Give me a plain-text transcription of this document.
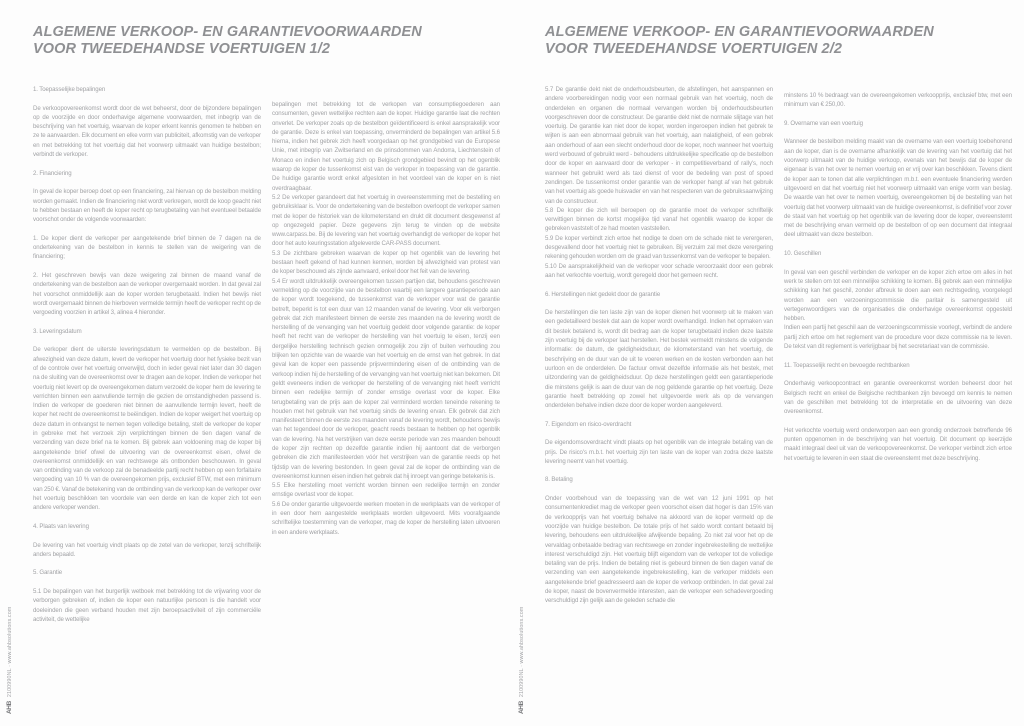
ALGEMENE VERKOOP- EN GARANTIEVOORWAARDEN
VOOR TWEEDEHANDSE VOERTUIGEN 1/2
1. Toepasselijke bepalingen
De verkoopovereenkomst wordt door de wet beheerst, door de bijzondere bepalingen op de voorzijde en door onderhavige algemene voorwaarden, met inbegrip van de beschrijving van het voertuig, waarvan de koper erkent kennis genomen te hebben en ze te aanvaarden. Elk document en elke vorm van publiciteit, afkomstig van de verkoper en met betrekking tot het voertuig dat het voorwerp uitmaakt van huidige bestelbon; verbindt de verkoper.
2. Financiering
In geval de koper beroep doet op een financiering, zal hiervan op de bestelbon melding worden gemaakt. Indien de financiering niet wordt verkregen, wordt de koop geacht niet te hebben bestaan en heeft de koper recht op terugbetaling van het eventueel betaalde voorschot onder de volgende voorwaarden:
1. De koper dient de verkoper per aangetekende brief binnen de 7 dagen na de ondertekening van de bestelbon in kennis te stellen van de weigering van de financiering;
2. Het geschreven bewijs van deze weigering zal binnen de maand vanaf de ondertekening van de bestelbon aan de verkoper overgemaakt worden. In dat geval zal het voorschot onmiddellijk aan de koper worden terugbetaald. Indien het bewijs niet wordt overgemaakt binnen de hierboven vermelde termijn heeft de verkoper recht op de vergoeding voorzien in artikel 3, alinea 4 hieronder.
3. Leveringsdatum
De verkoper dient de uiterste leveringsdatum te vermelden op de bestelbon. Bij afwezigheid van deze datum, levert de verkoper het voertuig door het fysieke bezit van of de controle over het voertuig onverwijld, doch in ieder geval niet later dan 30 dagen na de sluiting van de overeenkomst over te dragen aan de koper. Indien de verkoper het voertuig niet levert op de overeengekomen datum verzoekt de koper hem de levering te verrichten binnen een aanvullende termijn die gezien de omstandigheden passend is. Indien de verkoper de goederen niet binnen de aanvullende termijn levert, heeft de koper het recht de overeenkomst te beëindigen. Indien de koper weigert het voertuig op deze datum in ontvangst te nemen tegen volledige betaling, stelt de verkoper de koper in gebreke met het verzoek zijn verplichtingen binnen de tien dagen vanaf de verzending van deze brief na te komen. Bij gebrek aan voldoening mag de koper bij aangetekende brief ofwel de uitvoering van de overeenkomst eisen, ofwel de overeenkomst onmiddellijk en van rechtswege als ontbonden beschouwen. In geval van ontbinding van de verkoop zal de benadeelde partij recht hebben op een forfaitaire vergoeding van 10 % van de overeengekomen prijs, exclusief BTW, met een minimum van 250 €. Vanaf de betekening van de ontbinding van de verkoop kan de verkoper over het voertuig beschikken ten voordele van een derde en kan de koper zich tot een andere verkoper wenden.
4. Plaats van levering
De levering van het voertuig vindt plaats op de zetel van de verkoper, tenzij schriftelijk anders bepaald.
5. Garantie
5.1 De bepalingen van het burgerlijk wetboek met betrekking tot de vrijwaring voor de verborgen gebreken of, indien de koper een natuurlijke persoon is die handelt voor doeleinden die geen verband houden met zijn beroepsactiviteit of zijn commerciële activiteit, de wettelijke
bepalingen met betrekking tot de verkopen van consumptiegoederen aan consumenten, geven wettelijke rechten aan de koper. Huidige garantie laat die rechten onverlet. De verkoper zoals op de bestelbon geïdentificeerd is enkel aansprakelijk voor de garantie. Deze is enkel van toepassing, onverminderd de bepalingen van artikel 5.6 hierna, indien het gebrek zich heeft voorgedaan op het grondgebied van de Europese Unie, met inbegrip van Zwitserland en de prinsdommen van Andorra, Liechtenstein of Monaco en indien het voertuig zich op Belgisch grondgebied bevindt op het ogenblik waarop de koper de tussenkomst eist van de verkoper in toepassing van de garantie. De huidige garantie wordt enkel afgesloten in het voordeel van de koper en is niet overdraagbaar.
5.2 De verkoper garandeert dat het voertuig in overeenstemming met de bestelling en gebruiksklaar is. Voor de ondertekening van de bestelbon overloopt de verkoper samen met de koper de historiek van de kilometerstand en drukt dit document desgewenst af op ongezegeld papier. Deze gegevens zijn terug te vinden op de website www.carpass.be. Bij de levering van het voertuig overhandigt de verkoper de koper het door het auto keuringsstation afgeleverde CAR-PASS document.
5.3 De zichtbare gebreken waarvan de koper op het ogenblik van de levering het bestaan heeft gekend of had kunnen kennen, worden bij afwezigheid van protest van de koper beschouwd als zijnde aanvaard, enkel door het feit van de levering.
5.4 Er wordt uitdrukkelijk overeengekomen tussen partijen dat, behoudens geschreven vermelding op de voorzijde van de bestelbon waarbij een langere garantieperiode aan de koper wordt toegekend, de tussenkomst van de verkoper voor wat de garantie betreft, beperkt is tot een duur van 12 maanden vanaf de levering. Voor elk verborgen gebrek dat zich manifesteert binnen de eerste zes maanden na de levering wordt de herstelling of de vervanging van het voertuig gedekt door volgende garantie: de koper heeft het recht van de verkoper de herstelling van het voertuig te eisen, tenzij een dergelijke herstelling technisch gezien onmogelijk zou zijn of buiten verhouding zou blijken ten opzichte van de waarde van het voertuig en de ernst van het gebrek. In dat geval kan de koper een passende prijsvermindering eisen of de ontbinding van de verkoop indien hij de herstelling of de vervanging van het voertuig niet kan bekomen. Dit geldt eveneens indien de verkoper de herstelling of de vervanging niet heeft verricht binnen een redelijke termijn of zonder ernstige overlast voor de koper. Elke terugbetaling van de prijs aan de koper zal verminderd worden teneinde rekening te houden met het gebruik van het voertuig sinds de levering ervan. Elk gebrek dat zich manifesteert binnen de eerste zes maanden vanaf de levering wordt, behoudens bewijs van het tegendeel door de verkoper, geacht reeds bestaan te hebben op het ogenblik van de levering. Na het verstrijken van deze eerste periode van zes maanden behoudt de koper zijn rechten op dezelfde garantie indien hij aantoont dat de verborgen gebreken die zich manifesteerden vóór het verstrijken van de garantie reeds op het tijdstip van de levering bestonden. In geen geval zal de koper de ontbinding van de overeenkomst kunnen eisen indien het gebrek dat hij inroept van geringe betekenis is.
5.5 Elke herstelling moet verricht worden binnen een redelijke termijn en zonder ernstige overlast voor de koper.
5.6 De onder garantie uitgevoerde werken moeten in de werkplaats van de verkoper of in een door hem aangestelde werkplaats worden uitgevoerd. Mits voorafgaande schriftelijke toestemming van de verkoper, mag de koper de herstelling laten uitvoeren in een andere werkplaats.
AHB
2100990NL · www.ahbsolutions.com
ALGEMENE VERKOOP- EN GARANTIEVOORWAARDEN
VOOR TWEEDEHANDSE VOERTUIGEN 2/2
5.7 De garantie dekt niet de onderhoudsbeurten, de afstellingen, het aanspannen en andere voorbereidingen nodig voor een normaal gebruik van het voertuig, noch de onderdelen en organen die normaal vervangen worden bij onderhoudsbeurten voorgeschreven door de constructeur. De garantie dekt niet de normale slijtage van het voertuig. De garantie kan niet door de koper, worden ingeroepen indien het gebrek te wijten is aan een abnormaal gebruik van het voertuig, aan nalatigheid, of een gebrek aan onderhoud of aan een slecht onderhoud door de koper, noch wanneer het voertuig werd verbouwd of gebruikt werd - behoudens uitdrukkelijke specificatie op de bestelbon door de koper en aanvaard door de verkoper - in competitieverband of rally's, noch wanneer het gebruikt werd als taxi dienst of voor de bedeling van post of spoed zendingen. De tussenkomst onder garantie van de verkoper hangt af van het gebruik van het voertuig als goede huisvader en van het respecteren van de gebruiksaanwijzing van de constructeur.
5.8 De koper die zich wil beroepen op de garantie moet de verkoper schriftelijk verwittigen binnen de kortst mogelijke tijd vanaf het ogenblik waarop de koper de gebreken vaststelt of ze had moeten vaststellen.
5.9 De koper verbindt zich ertoe het nodige te doen om de schade niet te verergeren, desgevallend door het voertuig niet te gebruiken. Bij verzuim zal met deze verergering rekening gehouden worden om de graad van tussenkomst van de verkoper te bepalen.
5.10 De aansprakelijkheid van de verkoper voor schade veroorzaakt door een gebrek aan het verkochte voertuig, wordt geregeld door het gemeen recht.
6. Herstellingen niet gedekt door de garantie
De herstellingen die ten laste zijn van de koper dienen het voorwerp uit te maken van een gedetailleerd bestek dat aan de koper wordt overhandigd. Indien het opmaken van dit bestek betalend is, wordt dit bedrag aan de koper terugbetaald indien deze laatste zijn voertuig bij de verkoper laat herstellen. Het bestek vermeldt minstens de volgende informatie: de datum, de geldigheidsduur, de kilometerstand van het voertuig, de beschrijving en de duur van de uit te voeren werken en de kosten verbonden aan het uurloon en de onderdelen. De factuur omvat dezelfde informatie als het bestek, met uitzondering van de geldigheidsduur. Op deze herstellingen geldt een garantieperiode die minstens gelijk is aan de duur van de nog geldende garantie op het voertuig. Deze garantie heeft betrekking op zowel het uitgevoerde werk als op de vervangen onderdelen behalve indien deze door de koper worden aangeleverd.
7. Eigendom en risico-overdracht
De eigendomsoverdracht vindt plaats op het ogenblik van de integrale betaling van de prijs. De risico's m.b.t. het voertuig zijn ten laste van de koper van zodra deze laatste levering neemt van het voertuig.
8. Betaling
Onder voorbehoud van de toepassing van de wet van 12 juni 1991 op het consumentenkrediet mag de verkoper geen voorschot eisen dat hoger is dan 15% van de verkoopprijs van het voertuig behalve na akkoord van de koper vermeld op de voorzijde van huidige bestelbon. De totale prijs of het saldo wordt contant betaald bij levering, behoudens een uitdrukkelijke afwijkende bepaling. Zo niet zal voor het op de vervaldag onbetaalde bedrag van rechtswege en zonder ingebrekestelling de wettelijke interest verschuldigd zijn. Het voertuig blijft eigendom van de verkoper tot de volledige betaling van de prijs. Indien de betaling niet is gebeurd binnen de tien dagen vanaf de verzending van een aangetekende ingebrekestelling, kan de verkoper middels een aangetekende brief geadresseerd aan de koper de verkoop ontbinden. In dat geval zal de koper, naast de bovenvermelde interesten, aan de verkoper een schadevergoeding verschuldigd zijn gelijk aan de geleden schade die
minstens 10 % bedraagt van de overeengekomen verkoopprijs, exclusief btw, met een minimum van € 250,00.
9. Overname van een voertuig
Wanneer de bestelbon melding maakt van de overname van een voertuig toebehorend aan de koper, dan is de overname afhankelijk van de levering van het voertuig dat het voorwerp uitmaakt van de huidige verkoop, evenals van het bewijs dat de koper de eigenaar is van het over te nemen voertuig en er vrij over kan beschikken. Tevens dient de koper aan te tonen dat alle verplichtingen m.b.t. een eventuele financiering werden uitgevoerd en dat het voertuig niet het voorwerp uitmaakt van enige vorm van beslag. De waarde van het over te nemen voertuig, overeengekomen bij de bestelling van het voertuig dat het voorwerp uitmaakt van de huidige overeenkomst, is definitief voor zover de staat van het voertuig op het ogenblik van de levering door de koper, overeenstemt met de beschrijving ervan vermeld op de bestelbon of op een document dat integraal deel uitmaakt van deze bestelbon.
10. Geschillen
In geval van een geschil verbinden de verkoper en de koper zich ertoe om alles in het werk te stellen om tot een minnelijke schikking te komen. Bij gebrek aan een minnelijke schikking kan het geschil, zonder afbreuk te doen aan een rechtsgeding, voorgelegd worden aan een verzoeningscommissie die paritair is samengesteld uit vertegenwoordigers van de organisaties die onderhavige overeenkomst opgesteld hebben.
Indien een partij het geschil aan de verzoeningscommissie voorlegt, verbindt de andere partij zich ertoe om het reglement van de procedure voor deze commissie na te leven. De tekst van dit reglement is verkrijgbaar bij het secretariaat van de commissie.
11. Toepasselijk recht en bevoegde rechtbanken
Onderhavig verkoopcontract en garantie overeenkomst worden beheerst door het Belgisch recht en enkel de Belgische rechtbanken zijn bevoegd om kennis te nemen van de geschillen met betrekking tot de interpretatie en de uitvoering van deze overeenkomst.
Het verkochte voertuig werd onderworpen aan een grondig onderzoek betreffende 96 punten opgenomen in de beschrijving van het voertuig. Dit document op keerzijde maakt integraal deel uit van de verkoopovereenkomst. De verkoper verbindt zich ertoe het voertuig te leveren in een staat die overeenstemt met deze beschrijving.
AHB
2100990NL · www.ahbsolutions.com
